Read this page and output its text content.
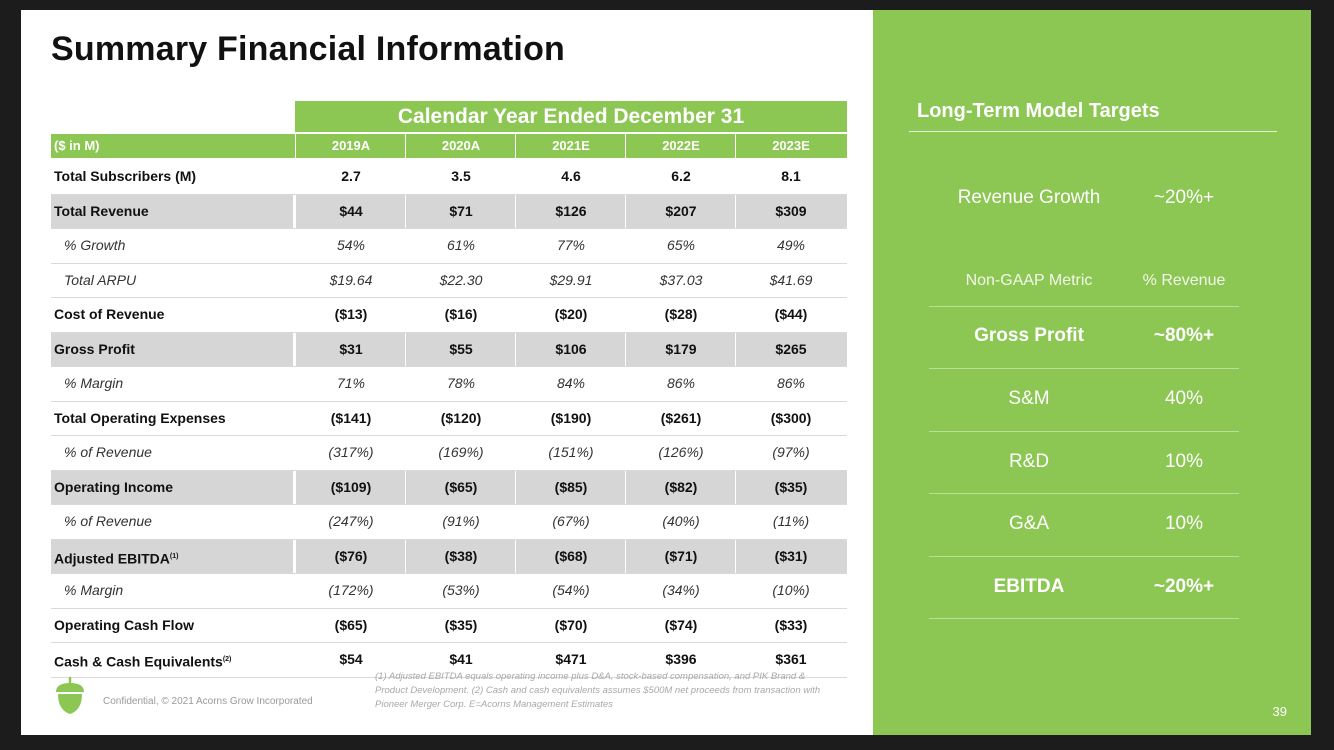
Summary Financial Information
Calendar Year Ended December 31
($ in M)	2019A	2020A	2021E	2022E	2023E
Total Subscribers (M)	2.7	3.5	4.6	6.2	8.1
Total Revenue	$44	$71	$126	$207	$309
% Growth	54%	61%	77%	65%	49%
Total ARPU	$19.64	$22.30	$29.91	$37.03	$41.69
Cost of Revenue	($13)	($16)	($20)	($28)	($44)
Gross Profit	$31	$55	$106	$179	$265
% Margin	71%	78%	84%	86%	86%
Total Operating Expenses	($141)	($120)	($190)	($261)	($300)
% of Revenue	(317%)	(169%)	(151%)	(126%)	(97%)
Operating Income	($109)	($65)	($85)	($82)	($35)
% of Revenue	(247%)	(91%)	(67%)	(40%)	(11%)
Adjusted EBITDA$^{(1)}$	($76)	($38)	($68)	($71)	($31)
% Margin	(172%)	(53%)	(54%)	(34%)	(10%)
Operating Cash Flow	($65)	($35)	($70)	($74)	($33)
Cash & Cash Equivalents$^{(2)}$	$54	$41	$471	$396	$361
Confidential, © 2021 Acorns Grow Incorporated
(1) Adjusted EBITDA equals operating income plus D&A, stock-based compensation, and PIK Brand & Product Development. (2) Cash and cash equivalents assumes $500M net proceeds from transaction with Pioneer Merger Corp. E=Acorns Management Estimates
Long-Term Model Targets
Revenue Growth	~20%+
Non-GAAP Metric	% Revenue
Gross Profit	~80%+
S&M	40%
R&D	10%
G&A	10%
EBITDA	~20%+
39
